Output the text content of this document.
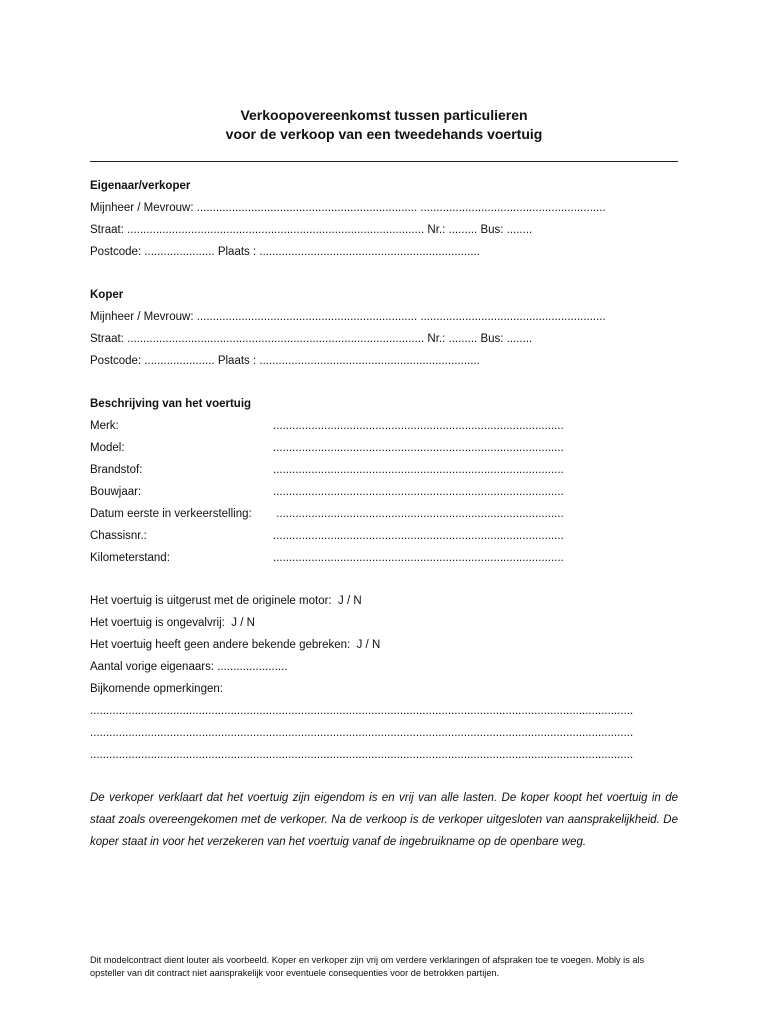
Verkoopovereenkomst tussen particulieren
voor de verkoop van een tweedehands voertuig
Eigenaar/verkoper
Mijnheer / Mevrouw: ..................................................................... ..........................................................
Straat: ............................................................................................. Nr.: ......... Bus: ........
Postcode: ...................... Plaats : .....................................................................
Koper
Mijnheer / Mevrouw: ..................................................................... ..........................................................
Straat: ............................................................................................. Nr.: ......... Bus: ........
Postcode: ...................... Plaats : .....................................................................
Beschrijving van het voertuig
Merk:	...........................................................................................
Model:	...........................................................................................
Brandstof:	...........................................................................................
Bouwjaar:	...........................................................................................
Datum eerste in verkeerstelling: ..........................................................................................
Chassisnr.:	...........................................................................................
Kilometerstand:	...........................................................................................
Het voertuig is uitgerust met de originele motor:  J / N
Het voertuig is ongevalvrij:  J / N
Het voertuig heeft geen andere bekende gebreken:  J / N
Aantal vorige eigenaars: ......................
Bijkomende opmerkingen:
..........................................................................................................................................................................
..........................................................................................................................................................................
..........................................................................................................................................................................
De verkoper verklaart dat het voertuig zijn eigendom is en vrij van alle lasten. De koper koopt het voertuig in de staat zoals overeengekomen met de verkoper. Na de verkoop is de verkoper uitgesloten van aansprakelijkheid. De koper staat in voor het verzekeren van het voertuig vanaf de ingebruikname op de openbare weg.
Dit modelcontract dient louter als voorbeeld. Koper en verkoper zijn vrij om verdere verklaringen of afspraken toe te voegen. Mobly is als opsteller van dit contract niet aansprakelijk voor eventuele consequenties voor de betrokken partijen.
